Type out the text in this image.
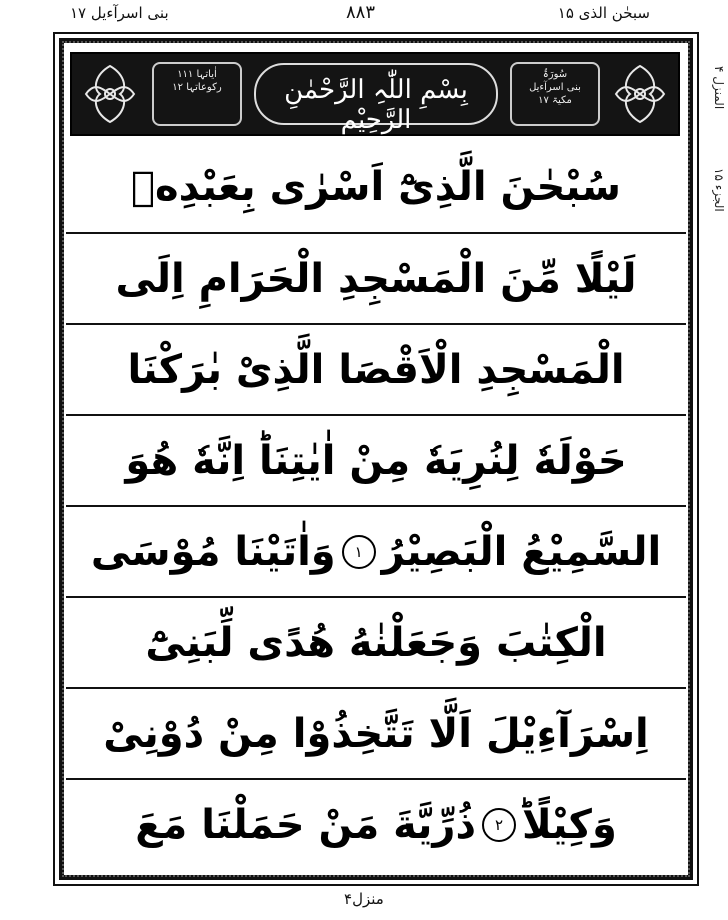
بنی اسرآءیل ۱۷	۸۸۳	سبحٰن الذی ۱۵
اٰیاتہا ۱۱۱
رکوعاتہا ۱۲	بِسْمِ اللّٰہِ الرَّحْمٰنِ الرَّحِیْمِ
سُورَۃُ
بنی اسرآءیل
مکیۃ ۱۷
المنزل ۴
الجزء ۱۵
سُبْحٰنَ الَّذِیْٓ اَسْرٰی بِعَبْدِهٖ
لَیْلًا مِّنَ الْمَسْجِدِ الْحَرَامِ اِلَی
الْمَسْجِدِ الْاَقْصَا الَّذِیْ بٰرَکْنَا
حَوْلَهٗ لِنُرِیَهٗ مِنْ اٰیٰتِنَاؕ اِنَّهٗ هُوَ
السَّمِیْعُ الْبَصِیْرُ
۱
وَاٰتَیْنَا مُوْسَی
الْکِتٰبَ وَجَعَلْنٰهُ هُدًی لِّبَنِیْٓ
اِسْرَآءِیْلَ اَلَّا تَتَّخِذُوْا مِنْ دُوْنِیْ
وَکِیْلًاؕ
۲
ذُرِّیَّةَ مَنْ حَمَلْنَا مَعَ
منزل۴
